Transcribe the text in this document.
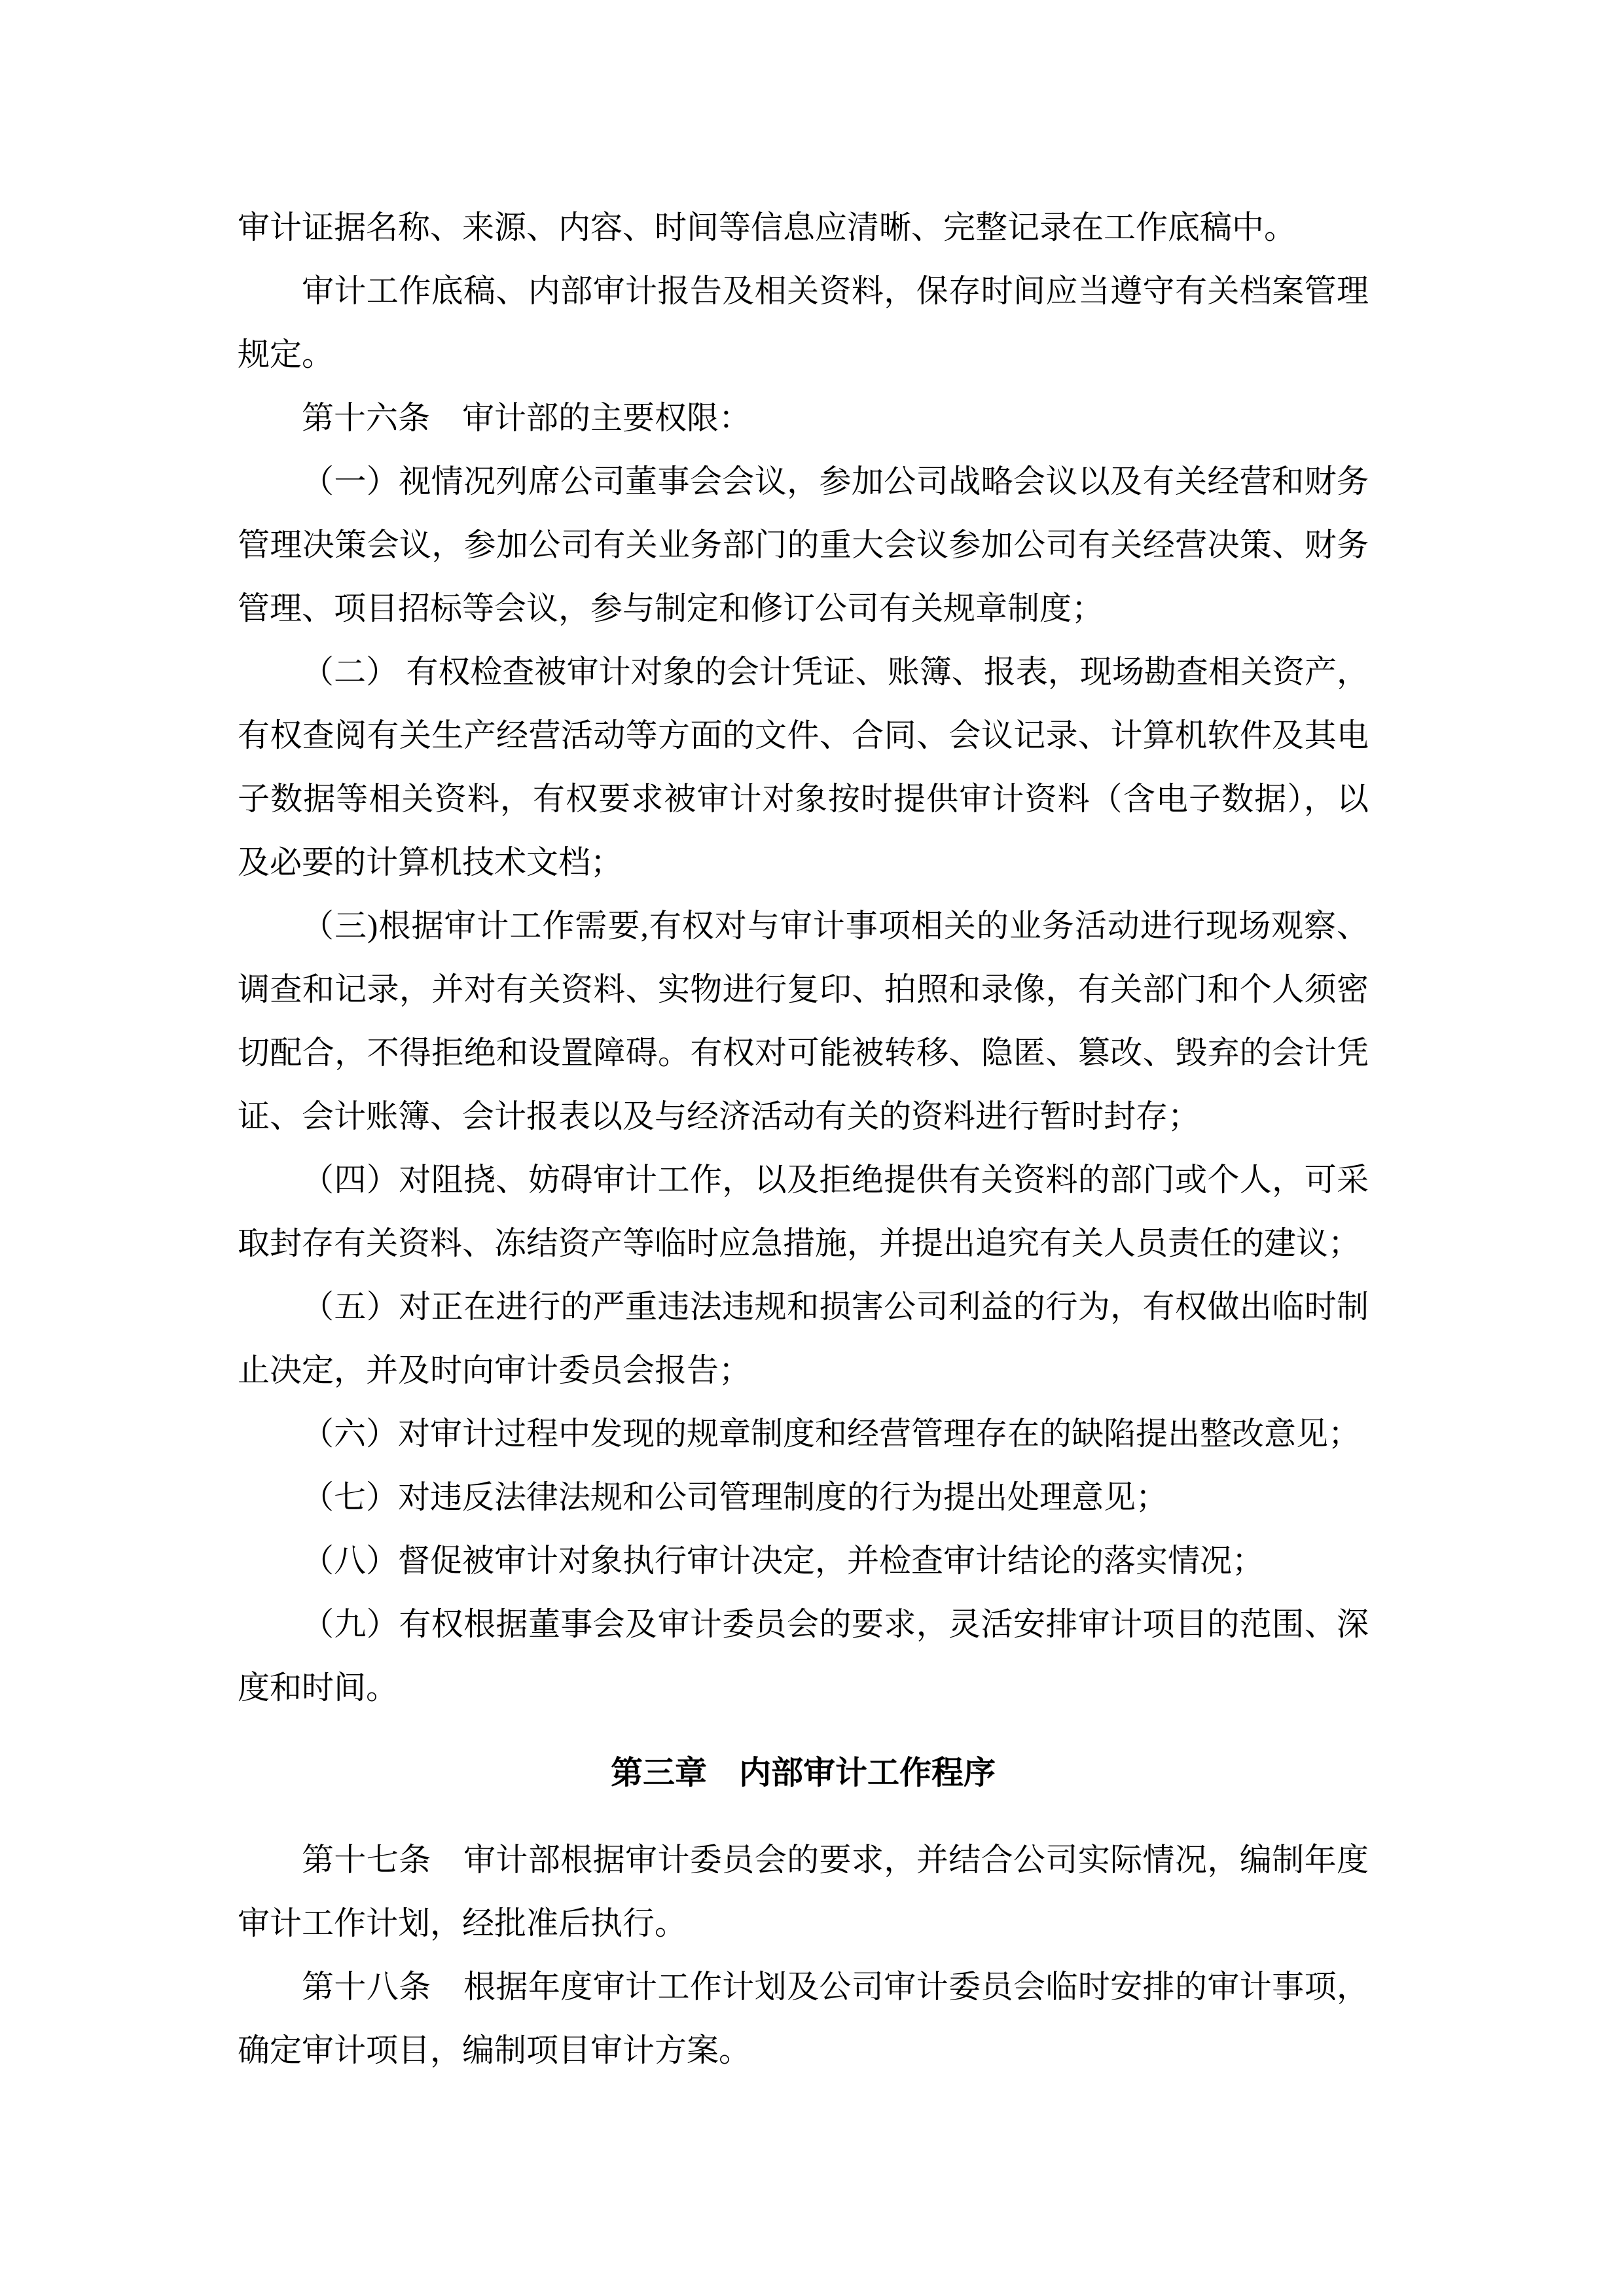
审计证据名称、来源、内容、时间等信息应清晰、完整记录在工作底稿中。

审计工作底稿、内部审计报告及相关资料，保存时间应当遵守有关档案管理规定。

第十六条　审计部的主要权限：

（一）视情况列席公司董事会会议，参加公司战略会议以及有关经营和财务管理决策会议，参加公司有关业务部门的重大会议参加公司有关经营决策、财务管理、项目招标等会议，参与制定和修订公司有关规章制度；

（二） 有权检查被审计对象的会计凭证、账簿、报表，现场勘查相关资产，有权查阅有关生产经营活动等方面的文件、合同、会议记录、计算机软件及其电子数据等相关资料，有权要求被审计对象按时提供审计资料（含电子数据），以及必要的计算机技术文档；

（三)根据审计工作需要,有权对与审计事项相关的业务活动进行现场观察、调查和记录，并对有关资料、实物进行复印、拍照和录像，有关部门和个人须密切配合，不得拒绝和设置障碍。有权对可能被转移、隐匿、篡改、毁弃的会计凭证、会计账簿、会计报表以及与经济活动有关的资料进行暂时封存；

（四）对阻挠、妨碍审计工作，以及拒绝提供有关资料的部门或个人，可采取封存有关资料、冻结资产等临时应急措施，并提出追究有关人员责任的建议；

（五）对正在进行的严重违法违规和损害公司利益的行为，有权做出临时制止决定，并及时向审计委员会报告；

（六）对审计过程中发现的规章制度和经营管理存在的缺陷提出整改意见；

（七）对违反法律法规和公司管理制度的行为提出处理意见；

（八）督促被审计对象执行审计决定，并检查审计结论的落实情况；

（九）有权根据董事会及审计委员会的要求，灵活安排审计项目的范围、深度和时间。

第三章　内部审计工作程序

第十七条　审计部根据审计委员会的要求，并结合公司实际情况，编制年度审计工作计划，经批准后执行。

第十八条　根据年度审计工作计划及公司审计委员会临时安排的审计事项，确定审计项目，编制项目审计方案。
